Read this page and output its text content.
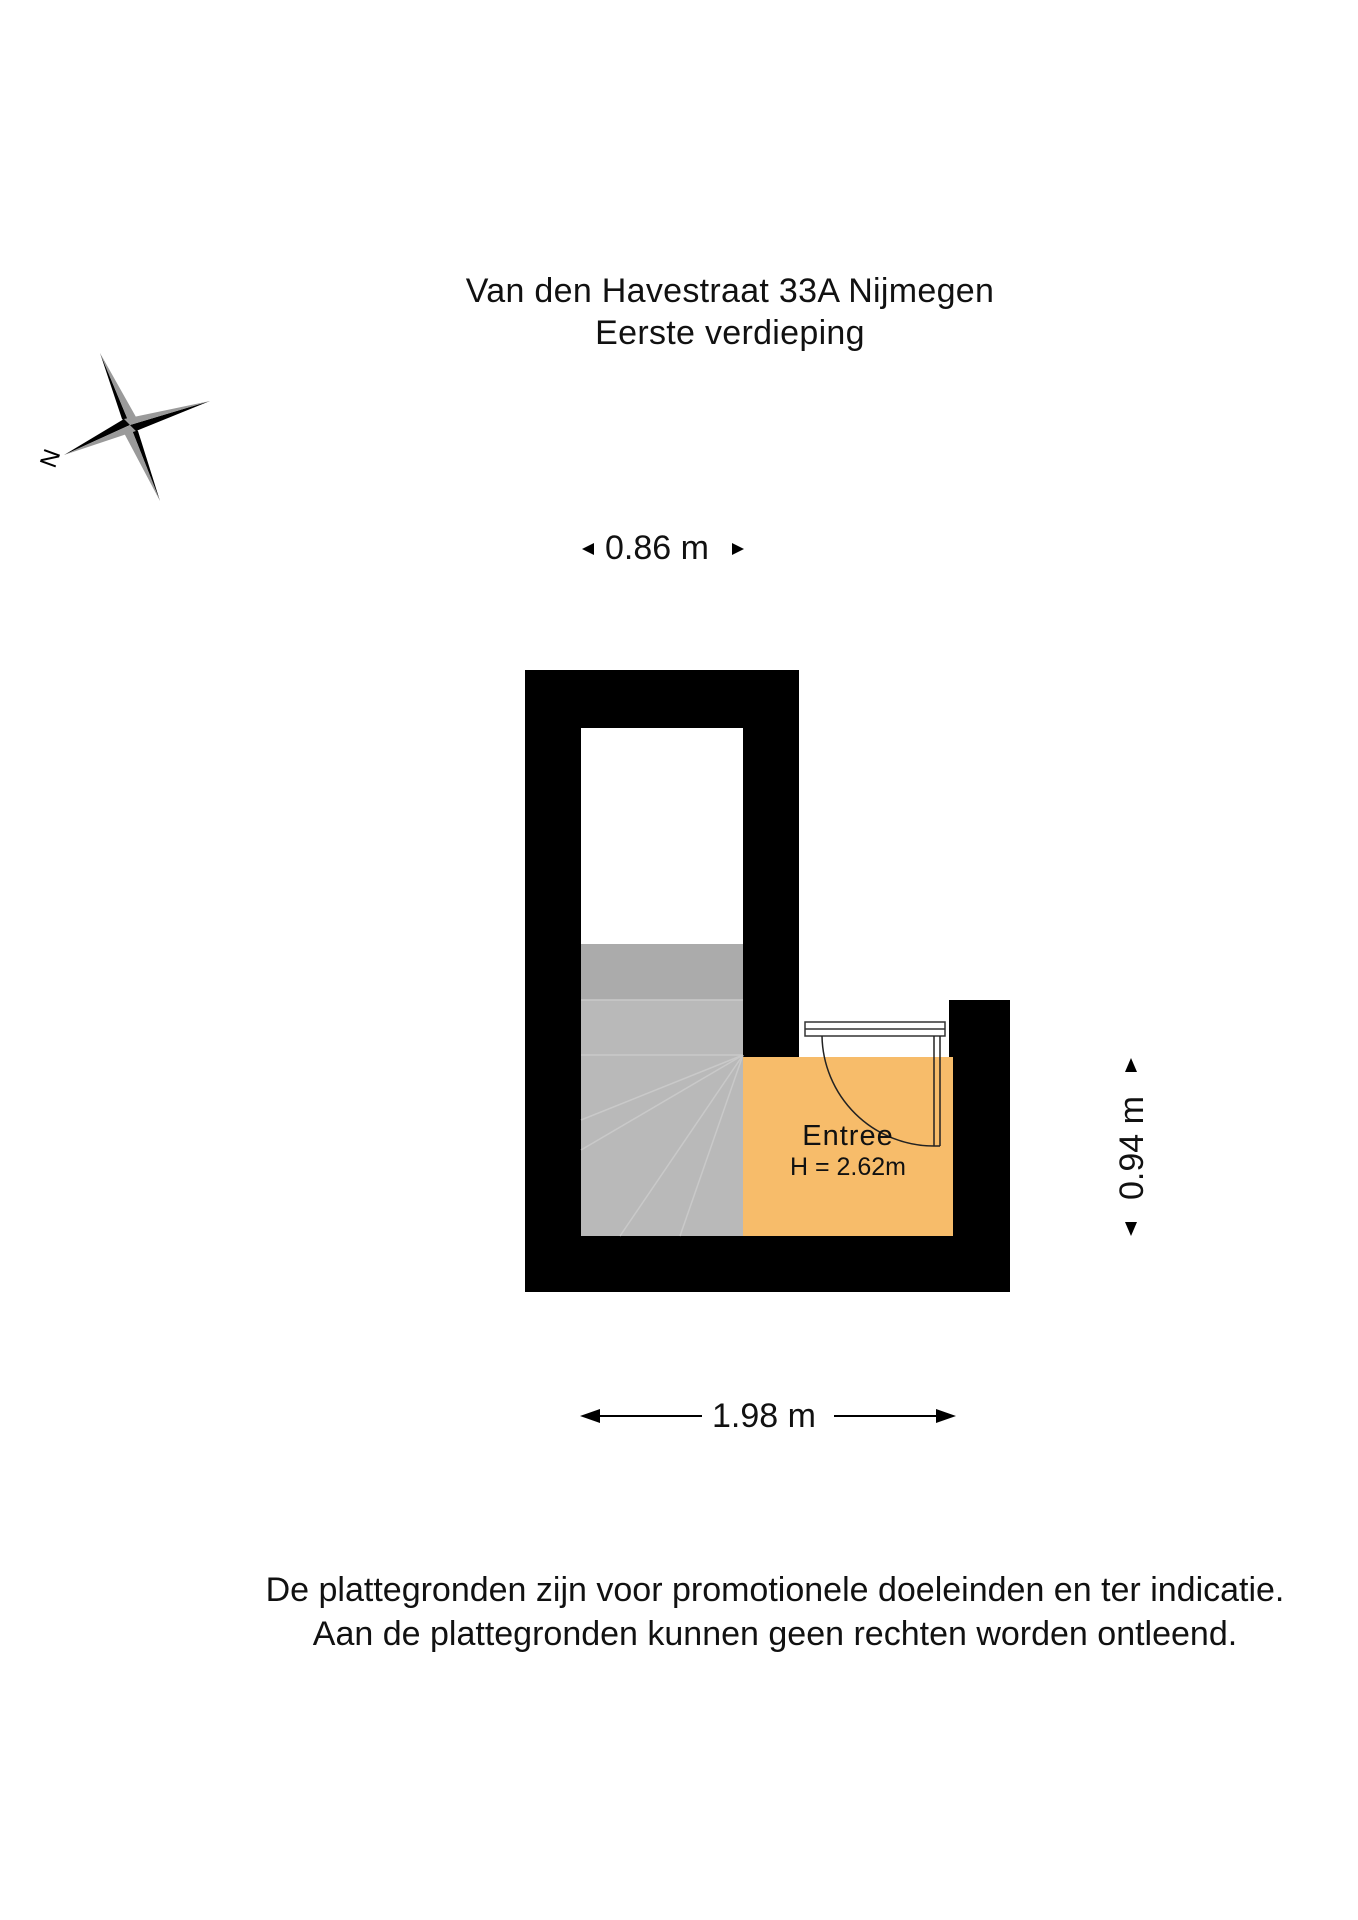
Van den Havestraat 33A Nijmegen
Eerste verdieping
N
0.86 m
0.94 m
1.98 m
Entree
H = 2.62m
De plattegronden zijn voor promotionele doeleinden en ter indicatie.
Aan de plattegronden kunnen geen rechten worden ontleend.
